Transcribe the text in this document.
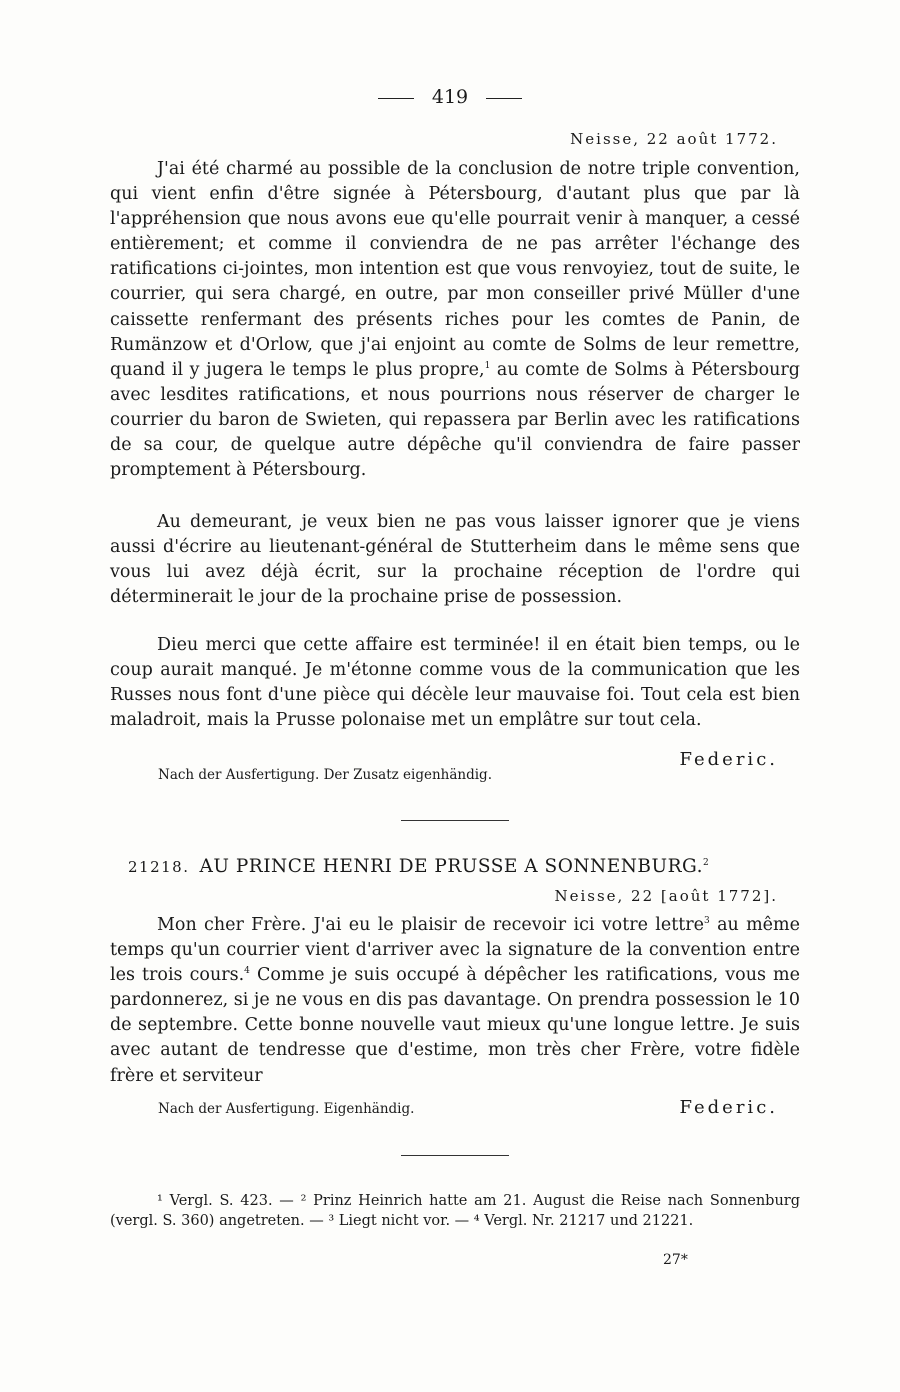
419
Neisse, 22 août 1772.

J'ai été charmé au possible de la conclusion de notre triple convention, qui vient enfin d'être signée à Pétersbourg, d'autant plus que par là l'appréhension que nous avons eue qu'elle pourrait venir à manquer, a cessé entièrement; et comme il conviendra de ne pas arrêter l'échange des ratifications ci-jointes, mon intention est que vous renvoyiez, tout de suite, le courrier, qui sera chargé, en outre, par mon conseiller privé Müller d'une caissette renfermant des présents riches pour les comtes de Panin, de Rumänzow et d'Orlow, que j'ai enjoint au comte de Solms de leur remettre, quand il y jugera le temps le plus propre,$^1$ au comte de Solms à Pétersbourg avec lesdites ratifications, et nous pourrions nous réserver de charger le courrier du baron de Swieten, qui repassera par Berlin avec les ratifications de sa cour, de quelque autre dépêche qu'il conviendra de faire passer promptement à Pétersbourg.

Au demeurant, je veux bien ne pas vous laisser ignorer que je viens aussi d'écrire au lieutenant-général de Stutterheim dans le même sens que vous lui avez déjà écrit, sur la prochaine réception de l'ordre qui déterminerait le jour de la prochaine prise de possession.

Dieu merci que cette affaire est terminée! il en était bien temps, ou le coup aurait manqué. Je m'étonne comme vous de la communication que les Russes nous font d'une pièce qui décèle leur mauvaise foi. Tout cela est bien maladroit, mais la Prusse polonaise met un emplâtre sur tout cela.

Federic.
Nach der Ausfertigung. Der Zusatz eigenhändig.
21218. AU PRINCE HENRI DE PRUSSE A SONNENBURG.$^2$
Neisse, 22 [août 1772].

Mon cher Frère. J'ai eu le plaisir de recevoir ici votre lettre$^3$ au même temps qu'un courrier vient d'arriver avec la signature de la convention entre les trois cours.$^4$ Comme je suis occupé à dépêcher les ratifications, vous me pardonnerez, si je ne vous en dis pas davantage. On prendra possession le 10 de septembre. Cette bonne nouvelle vaut mieux qu'une longue lettre. Je suis avec autant de tendresse que d'estime, mon très cher Frère, votre fidèle frère et serviteur

Federic.
Nach der Ausfertigung. Eigenhändig.

¹ Vergl. S. 423. — ² Prinz Heinrich hatte am 21. August die Reise nach Sonnenburg (vergl. S. 360) angetreten. — ³ Liegt nicht vor. — ⁴ Vergl. Nr. 21217 und 21221.

27*
